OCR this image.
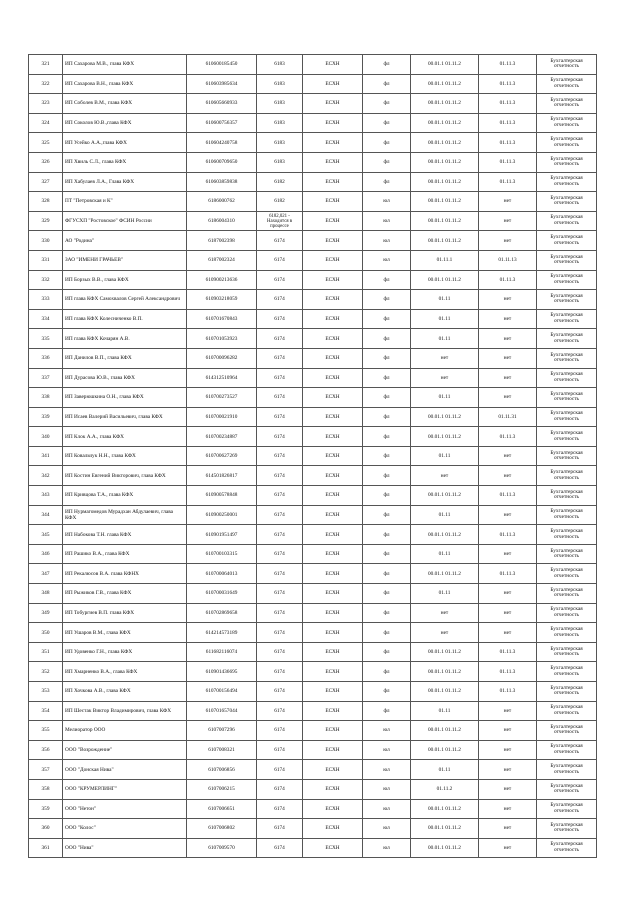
321	ИП Сахарова М.В., глава КФХ	610600185450	6183	ЕСХН	фл	00.01.1 01.11.2	01.11.3	Бухгалтерская отчетность
322	ИП Сахарова В.Н., глава КФХ	610603985634	6183	ЕСХН	фл	00.01.1 01.11.2	01.11.3	Бухгалтерская отчетность
323	ИП Соболев В.М., глава КФХ	610605660933	6183	ЕСХН	фл	00.01.1 01.11.2	01.11.3	Бухгалтерская отчетность
324	ИП Соколов Ю.В.,глава КФХ	610600756357	6183	ЕСХН	фл	00.01.1 01.11.2	01.11.3	Бухгалтерская отчетность
325	ИП Усейко А.А.,глава КФХ	610604240758	6183	ЕСХН	фл	00.01.1 01.11.2	01.11.3	Бухгалтерская отчетность
326	ИП Хвиль С.Л., глава КФХ	610600709650	6183	ЕСХН	фл	00.01.1 01.11.2	01.11.3	Бухгалтерская отчетность
327	ИП Хабулаев Л.А., Глава КФХ	610603859838	6182	ЕСХН	фл	00.01.1 01.11.2	01.11.3	Бухгалтерская отчетность
328	ПТ "Петровская и К"	6186000762	6182	ЕСХН	юл	00.01.1 01.11.2	нет	Бухгалтерская отчетность
329	ФГУСХП "Ростовское" ФСИН России	6186004310	6182,021 - Находится в процессе	ЕСХН	юл	00.01.1 01.11.2	нет	Бухгалтерская отчетность
330	АО "Родина"	6187002398	6174	ЕСХН	юл	00.01.1 01.11.2	нет	Бухгалтерская отчетность
331	ЗАО "ИМЕНИ ГРАЧЬЕВ"	6187002324	6174	ЕСХН	юл	01.11.1	01.11.13	Бухгалтерская отчетность
332	ИП Борзых В.В., глава КФХ	610900213636	6174	ЕСХН	фл	00.01.1 01.11.2	01.11.3	Бухгалтерская отчетность
333	ИП глава КФХ Самохвалов Сергей Александрович	610903218059	6174	ЕСХН	фл	01.11	нет	Бухгалтерская отчетность
334	ИП глава КФХ Колесниченко В.П.	610701670843	6174	ЕСХН	фл	01.11	нет	Бухгалтерская отчетность
335	ИП глава КФХ Кочарян А.В.	610701053923	6174	ЕСХН	фл	01.11	нет	Бухгалтерская отчетность
336	ИП Данилов В.П., глава КФХ	610700096282	6174	ЕСХН	фл	нет	нет	Бухгалтерская отчетность
337	ИП Дурасова Ю.В., глава КФХ	614312510964	6174	ЕСХН	фл	нет	нет	Бухгалтерская отчетность
338	ИП Заверюшкина О.Н., глава КФХ	610700273527	6174	ЕСХН	фл	01.11	нет	Бухгалтерская отчетность
339	ИП Исаев Валерий Васильевич, глава КФХ	610700021910	6174	ЕСХН	фл	00.01.1 01.11.2	01.11.31	Бухгалтерская отчетность
340	ИП Клок А.А., глава КФХ	610700234887	6174	ЕСХН	фл	00.01.1 01.11.2	01.11.3	Бухгалтерская отчетность
341	ИП Ковальчук Н.Н., глава КФХ	610700627269	6174	ЕСХН	фл	01.11	нет	Бухгалтерская отчетность
342	ИП Костин Евгений Викторович, глава КФХ	614501826817	6174	ЕСХН	фл	нет	нет	Бухгалтерская отчетность
343	ИП Кривцова Т.А., глава КФХ	610900578848	6174	ЕСХН	фл	00.01.1 01.11.2	01.11.3	Бухгалтерская отчетность
344	ИП Нурмагомедов Мурадхан Абдулаевич, глава КФХ	610900250001	6174	ЕСХН	фл	01.11	нет	Бухгалтерская отчетность
345	ИП Набокова Т.Н. глава КФХ	610901951497	6174	ЕСХН	фл	00.01.1 01.11.2	01.11.3	Бухгалтерская отчетность
346	ИП Рашико В.А., глава КФХ	610700103315	6174	ЕСХН	фл	01.11	нет	Бухгалтерская отчетность
347	ИП Рекалюсов В.А. глава КФНХ	610700064013	6174	ЕСХН	фл	00.01.1 01.11.2	01.11.3	Бухгалтерская отчетность
348	ИП Рыжиков Г.В., глава КФХ	610700031649	6174	ЕСХН	фл	01.11	нет	Бухгалтерская отчетность
349	ИП Тобургиев В.П. глава КФХ	610702869658	6174	ЕСХН	фл	нет	нет	Бухгалтерская отчетность
350	ИП Ушаров В.М., глава КФХ	614214573189	6174	ЕСХН	фл	нет	нет	Бухгалтерская отчетность
351	ИП Удовенко Г.Н., глава КФХ	611682116074	6174	ЕСХН	фл	00.01.1 01.11.2	01.11.3	Бухгалтерская отчетность
352	ИП Хмарненко В.А., глава КФХ	610901436695	6174	ЕСХН	фл	00.01.1 01.11.2	01.11.3	Бухгалтерская отчетность
353	ИП Хочкова А.В., глава КФХ	610700156494	6174	ЕСХН	фл	00.01.1 01.11.2	01.11.3	Бухгалтерская отчетность
354	ИП Шестак Виктор Владимирович, глава КФХ	610701657044	6174	ЕСХН	фл	01.11	нет	Бухгалтерская отчетность
355	Мелиоратор ООО	6107007296	6174	ЕСХН	юл	00.01.1 01.11.2	нет	Бухгалтерская отчетность
356	ООО "Возрождение"	6107008321	6174	ЕСХН	юл	00.01.1 01.11.2	нет	Бухгалтерская отчетность
357	ООО "Донская Нива"	6107006856	6174	ЕСХН	юл	01.11	нет	Бухгалтерская отчетность
358	ООО "КРУМЕРЛИНГ"	6107006215	6174	ЕСХН	юл	01.11.2	нет	Бухгалтерская отчетность
359	ООО "Нетон"	6107006651	6174	ЕСХН	юл	00.01.1 01.11.2	нет	Бухгалтерская отчетность
360	ООО "Колос"	6107006802	6174	ЕСХН	юл	00.01.1 01.11.2	нет	Бухгалтерская отчетность
361	ООО "Нива"	6107009570	6174	ЕСХН	юл	00.01.1 01.11.2	нет	Бухгалтерская отчетность
